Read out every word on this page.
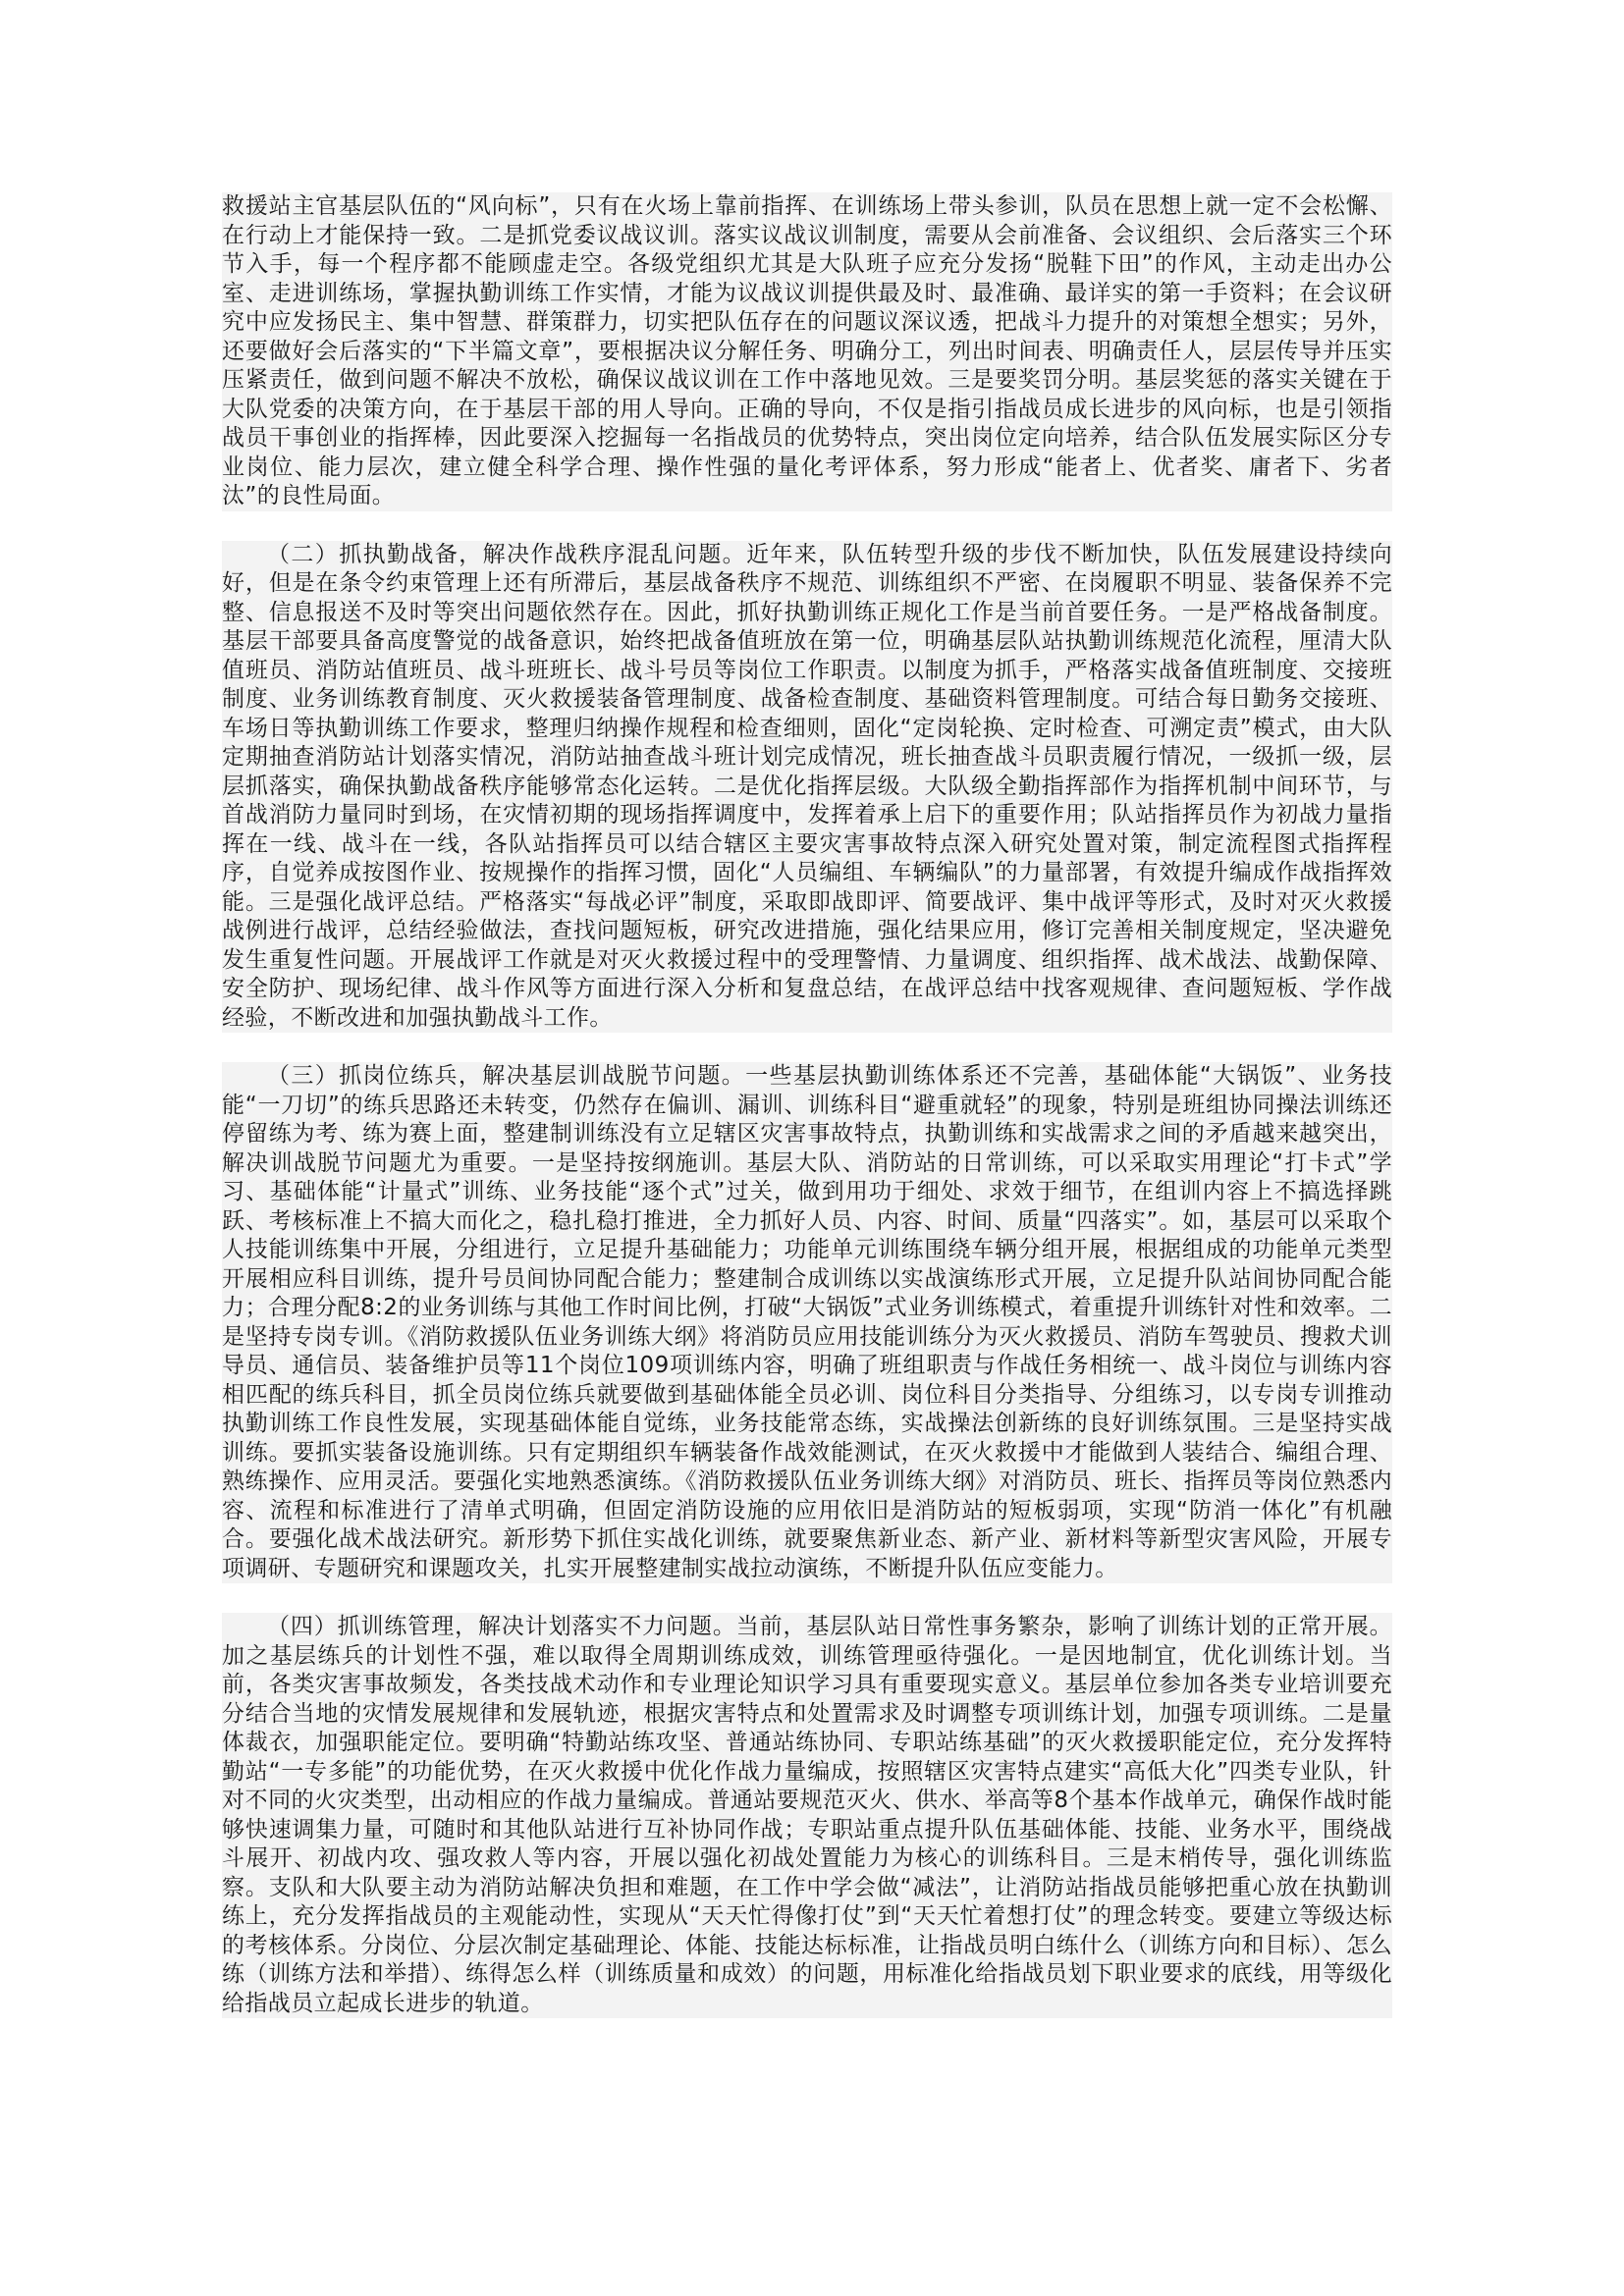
救援站主官基层队伍的“风向标”，只有在火场上靠前指挥、在训练场上带头参训，队员在思想上就一定不会松懈、在行动上才能保持一致。二是抓党委议战议训。落实议战议训制度，需要从会前准备、会议组织、会后落实三个环节入手，每一个程序都不能顾虚走空。各级党组织尤其是大队班子应充分发扬“脱鞋下田”的作风，主动走出办公室、走进训练场，掌握执勤训练工作实情，才能为议战议训提供最及时、最准确、最详实的第一手资料；在会议研究中应发扬民主、集中智慧、群策群力，切实把队伍存在的问题议深议透，把战斗力提升的对策想全想实；另外，还要做好会后落实的“下半篇文章”，要根据决议分解任务、明确分工，列出时间表、明确责任人，层层传导并压实压紧责任，做到问题不解决不放松，确保议战议训在工作中落地见效。三是要奖罚分明。基层奖惩的落实关键在于大队党委的决策方向，在于基层干部的用人导向。正确的导向，不仅是指引指战员成长进步的风向标，也是引领指战员干事创业的指挥棒，因此要深入挖掘每一名指战员的优势特点，突出岗位定向培养，结合队伍发展实际区分专业岗位、能力层次，建立健全科学合理、操作性强的量化考评体系，努力形成“能者上、优者奖、庸者下、劣者汰”的良性局面。

（二）抓执勤战备，解决作战秩序混乱问题。近年来，队伍转型升级的步伐不断加快，队伍发展建设持续向好，但是在条令约束管理上还有所滞后，基层战备秩序不规范、训练组织不严密、在岗履职不明显、装备保养不完整、信息报送不及时等突出问题依然存在。因此，抓好执勤训练正规化工作是当前首要任务。一是严格战备制度。基层干部要具备高度警觉的战备意识，始终把战备值班放在第一位，明确基层队站执勤训练规范化流程，厘清大队值班员、消防站值班员、战斗班班长、战斗号员等岗位工作职责。以制度为抓手，严格落实战备值班制度、交接班制度、业务训练教育制度、灭火救援装备管理制度、战备检查制度、基础资料管理制度。可结合每日勤务交接班、车场日等执勤训练工作要求，整理归纳操作规程和检查细则，固化“定岗轮换、定时检查、可溯定责”模式，由大队定期抽查消防站计划落实情况，消防站抽查战斗班计划完成情况，班长抽查战斗员职责履行情况，一级抓一级，层层抓落实，确保执勤战备秩序能够常态化运转。二是优化指挥层级。大队级全勤指挥部作为指挥机制中间环节，与首战消防力量同时到场，在灾情初期的现场指挥调度中，发挥着承上启下的重要作用；队站指挥员作为初战力量指挥在一线、战斗在一线，各队站指挥员可以结合辖区主要灾害事故特点深入研究处置对策，制定流程图式指挥程序，自觉养成按图作业、按规操作的指挥习惯，固化“人员编组、车辆编队”的力量部署，有效提升编成作战指挥效能。三是强化战评总结。严格落实“每战必评”制度，采取即战即评、简要战评、集中战评等形式，及时对灭火救援战例进行战评，总结经验做法，查找问题短板，研究改进措施，强化结果应用，修订完善相关制度规定，坚决避免发生重复性问题。开展战评工作就是对灭火救援过程中的受理警情、力量调度、组织指挥、战术战法、战勤保障、安全防护、现场纪律、战斗作风等方面进行深入分析和复盘总结，在战评总结中找客观规律、查问题短板、学作战经验，不断改进和加强执勤战斗工作。

（三）抓岗位练兵，解决基层训战脱节问题。一些基层执勤训练体系还不完善，基础体能“大锅饭”、业务技能“一刀切”的练兵思路还未转变，仍然存在偏训、漏训、训练科目“避重就轻”的现象，特别是班组协同操法训练还停留练为考、练为赛上面，整建制训练没有立足辖区灾害事故特点，执勤训练和实战需求之间的矛盾越来越突出，解决训战脱节问题尤为重要。一是坚持按纲施训。基层大队、消防站的日常训练，可以采取实用理论“打卡式”学习、基础体能“计量式”训练、业务技能“逐个式”过关，做到用功于细处、求效于细节，在组训内容上不搞选择跳跃、考核标准上不搞大而化之，稳扎稳打推进，全力抓好人员、内容、时间、质量“四落实”。如，基层可以采取个人技能训练集中开展，分组进行，立足提升基础能力；功能单元训练围绕车辆分组开展，根据组成的功能单元类型开展相应科目训练，提升号员间协同配合能力；整建制合成训练以实战演练形式开展，立足提升队站间协同配合能力；合理分配8:2的业务训练与其他工作时间比例，打破“大锅饭”式业务训练模式，着重提升训练针对性和效率。二是坚持专岗专训。《消防救援队伍业务训练大纲》将消防员应用技能训练分为灭火救援员、消防车驾驶员、搜救犬训导员、通信员、装备维护员等11个岗位109项训练内容，明确了班组职责与作战任务相统一、战斗岗位与训练内容相匹配的练兵科目，抓全员岗位练兵就要做到基础体能全员必训、岗位科目分类指导、分组练习，以专岗专训推动执勤训练工作良性发展，实现基础体能自觉练，业务技能常态练，实战操法创新练的良好训练氛围。三是坚持实战训练。要抓实装备设施训练。只有定期组织车辆装备作战效能测试，在灭火救援中才能做到人装结合、编组合理、熟练操作、应用灵活。要强化实地熟悉演练。《消防救援队伍业务训练大纲》对消防员、班长、指挥员等岗位熟悉内容、流程和标准进行了清单式明确，但固定消防设施的应用依旧是消防站的短板弱项，实现“防消一体化”有机融合。要强化战术战法研究。新形势下抓住实战化训练，就要聚焦新业态、新产业、新材料等新型灾害风险，开展专项调研、专题研究和课题攻关，扎实开展整建制实战拉动演练，不断提升队伍应变能力。

（四）抓训练管理，解决计划落实不力问题。当前，基层队站日常性事务繁杂，影响了训练计划的正常开展。加之基层练兵的计划性不强，难以取得全周期训练成效，训练管理亟待强化。一是因地制宜，优化训练计划。当前，各类灾害事故频发，各类技战术动作和专业理论知识学习具有重要现实意义。基层单位参加各类专业培训要充分结合当地的灾情发展规律和发展轨迹，根据灾害特点和处置需求及时调整专项训练计划，加强专项训练。二是量体裁衣，加强职能定位。要明确“特勤站练攻坚、普通站练协同、专职站练基础”的灭火救援职能定位，充分发挥特勤站“一专多能”的功能优势，在灭火救援中优化作战力量编成，按照辖区灾害特点建实“高低大化”四类专业队，针对不同的火灾类型，出动相应的作战力量编成。普通站要规范灭火、供水、举高等8个基本作战单元，确保作战时能够快速调集力量，可随时和其他队站进行互补协同作战；专职站重点提升队伍基础体能、技能、业务水平，围绕战斗展开、初战内攻、强攻救人等内容，开展以强化初战处置能力为核心的训练科目。三是末梢传导，强化训练监察。支队和大队要主动为消防站解决负担和难题，在工作中学会做“减法”，让消防站指战员能够把重心放在执勤训练上，充分发挥指战员的主观能动性，实现从“天天忙得像打仗”到“天天忙着想打仗”的理念转变。要建立等级达标的考核体系。分岗位、分层次制定基础理论、体能、技能达标标准，让指战员明白练什么（训练方向和目标）、怎么练（训练方法和举措）、练得怎么样（训练质量和成效）的问题，用标准化给指战员划下职业要求的底线，用等级化给指战员立起成长进步的轨道。
